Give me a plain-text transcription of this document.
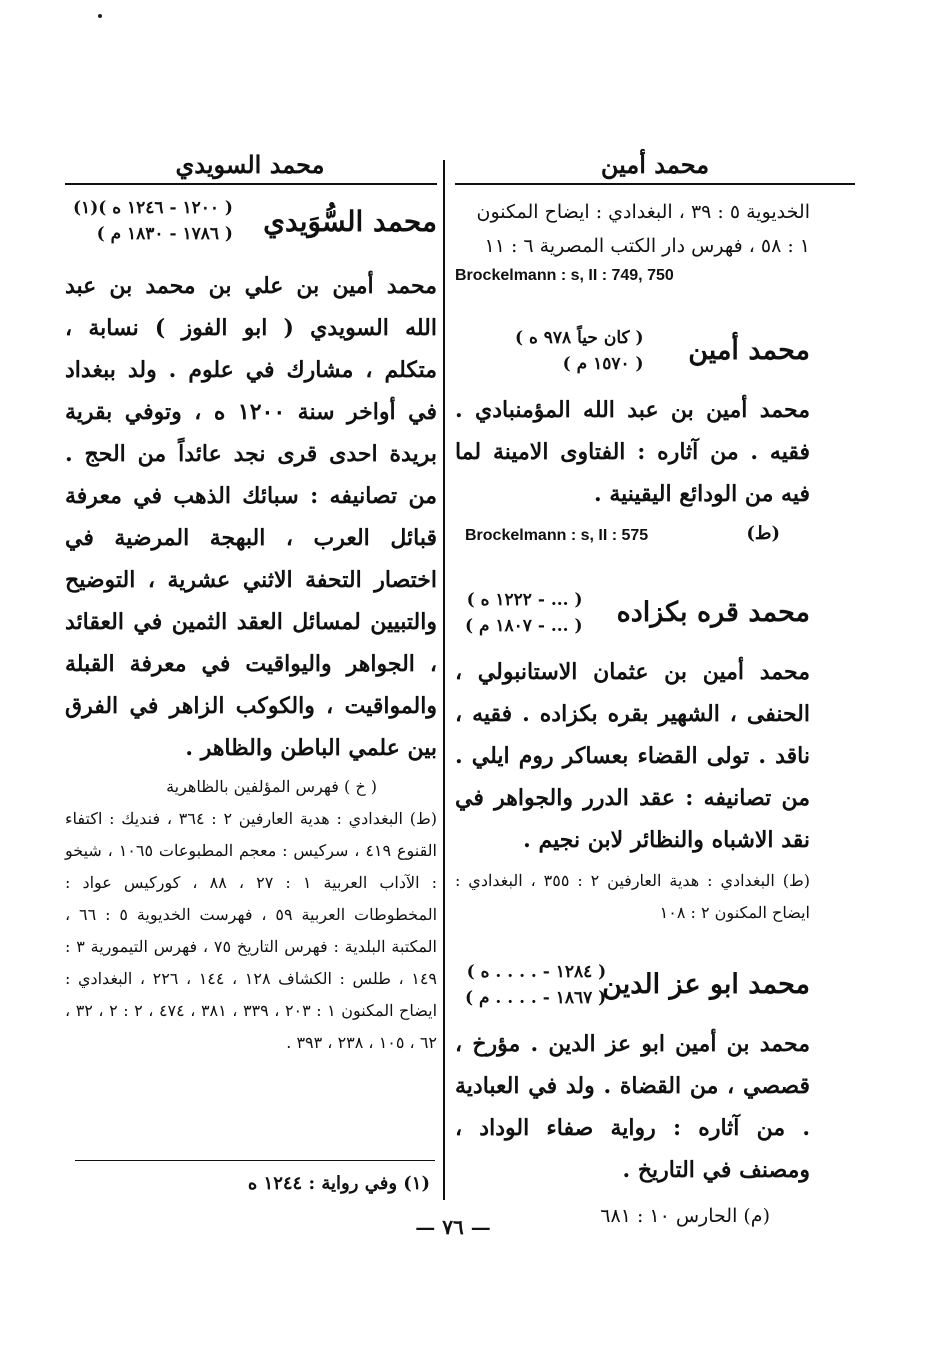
محمد أمين
محمد السويدي

الخديوية ٥ : ٣٩ ، البغدادي : ايضاح المكنون

١ : ٥٨ ، فهرس دار الكتب المصرية ٦ : ١١

Brockelmann : s, II : 749, 750

محمد أمين
( كان حياً ٩٧٨ ه )
( ١٥٧٠ م )

محمد أمين بن عبد الله المؤمنبادي . فقيه . من آثاره : الفتاوى الامينة لما فيه من الودائع اليقينية .

Brockelmann : s, II : 575	(ط)
محمد قره بكزاده
( ... - ١٢٢٢ ه )
( ... - ١٨٠٧ م )

محمد أمين بن عثمان الاستانبولي ، الحنفى ، الشهير بقره بكزاده . فقيه ، ناقد . تولى القضاء بعساكر روم ايلي . من تصانيفه : عقد الدرر والجواهر في نقد الاشباه والنظائر لابن نجيم .

(ط) البغدادي : هدية العارفين ٢ : ٣٥٥ ، البغدادي : ايضاح المكنون ٢ : ١٠٨

محمد ابو عز الدين
( ١٢٨٤ - . . . . ه )
( ١٨٦٧ - . . . . م )

محمد بن أمين ابو عز الدين . مؤرخ ، قصصي ، من القضاة . ولد في العبادية . من آثاره : رواية صفاء الوداد ، ومصنف في التاريخ .

(م) الحارس ١٠ : ٦٨١

محمد السُّوَيدي
( ١٢٠٠ - ١٢٤٦ ه )(١)
( ١٧٨٦ - ١٨٣٠ م )

محمد أمين بن علي بن محمد بن عبد الله السويدي ( ابو الفوز ) نسابة ، متكلم ، مشارك في علوم . ولد ببغداد في أواخر سنة ١٢٠٠ ه ، وتوفي بقرية بريدة احدى قرى نجد عائداً من الحج . من تصانيفه : سبائك الذهب في معرفة قبائل العرب ، البهجة المرضية في اختصار التحفة الاثني عشرية ، التوضيح والتبيين لمسائل العقد الثمين في العقائد ، الجواهر واليواقيت في معرفة القبلة والمواقيت ، والكوكب الزاهر في الفرق بين علمي الباطن والظاهر .

( خ ) فهرس المؤلفين بالظاهرية

(ط) البغدادي : هدية العارفين ٢ : ٣٦٤ ، فنديك : اكتفاء القنوع ٤١٩ ، سركيس : معجم المطبوعات ١٠٦٥ ، شيخو : الآداب العربية ١ : ٢٧ ، ٨٨ ، كوركيس عواد : المخطوطات العربية ٥٩ ، فهرست الخديوية ٥ : ٦٦ ، المكتبة البلدية : فهرس التاريخ ٧٥ ، فهرس التيمورية ٣ : ١٤٩ ، طلس : الكشاف ١٢٨ ، ١٤٤ ، ٢٢٦ ، البغدادي : ايضاح المكنون ١ : ٢٠٣ ، ٣٣٩ ، ٣٨١ ، ٤٧٤ ، ٢ : ٢ ، ٣٢ ، ٦٢ ، ١٠٥ ، ٢٣٨ ، ٣٩٣ .

(١) وفي رواية : ١٢٤٤ ه
— ٧٦ —
